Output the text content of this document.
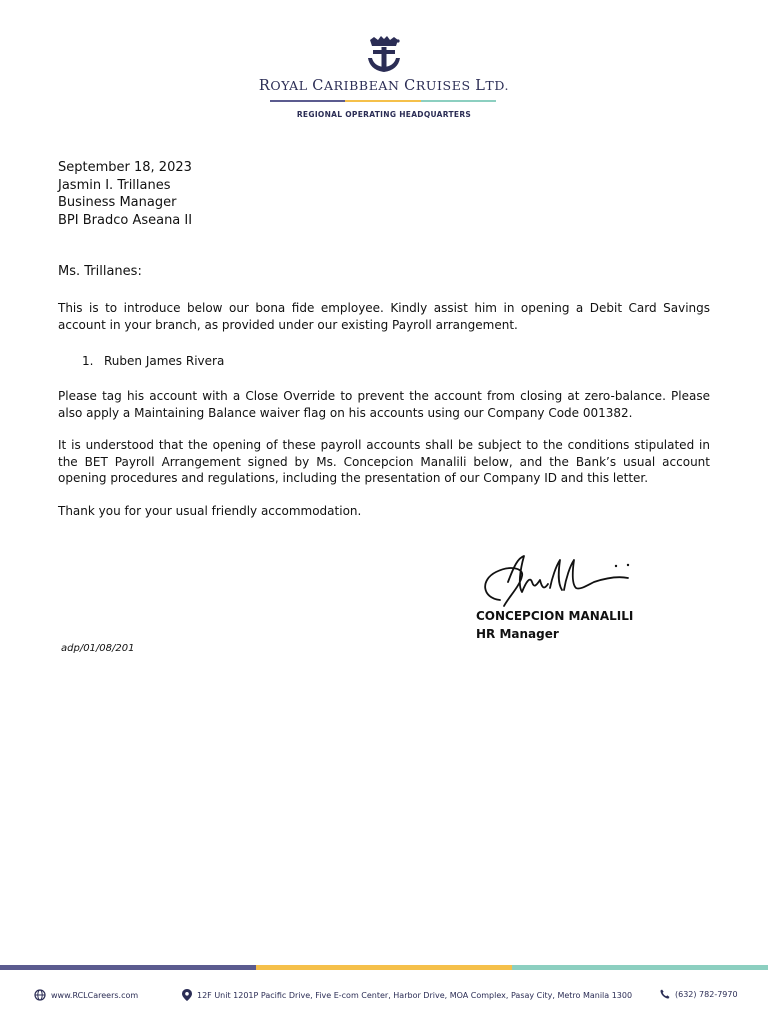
ROYAL CARIBBEAN CRUISES LTD.
REGIONAL OPERATING HEADQUARTERS
September 18, 2023
Jasmin I. Trillanes
Business Manager
BPI Bradco Aseana II
Ms. Trillanes:

This is to introduce below our bona fide employee. Kindly assist him in opening a Debit Card Savings account in your branch, as provided under our existing Payroll arrangement.

1. Ruben James Rivera

Please tag his account with a Close Override to prevent the account from closing at zero-balance. Please also apply a Maintaining Balance waiver flag on his accounts using our Company Code 001382.

It is understood that the opening of these payroll accounts shall be subject to the conditions stipulated in the BET Payroll Arrangement signed by Ms. Concepcion Manalili below, and the Bank’s usual account opening procedures and regulations, including the presentation of our Company ID and this letter.

Thank you for your usual friendly accommodation.

CONCEPCION MANALILI
HR Manager
adp/01/08/201
www.RCLCareers.com	12F Unit 1201P Pacific Drive, Five E-com Center, Harbor Drive, MOA Complex, Pasay City, Metro Manila 1300	(632) 782-7970
